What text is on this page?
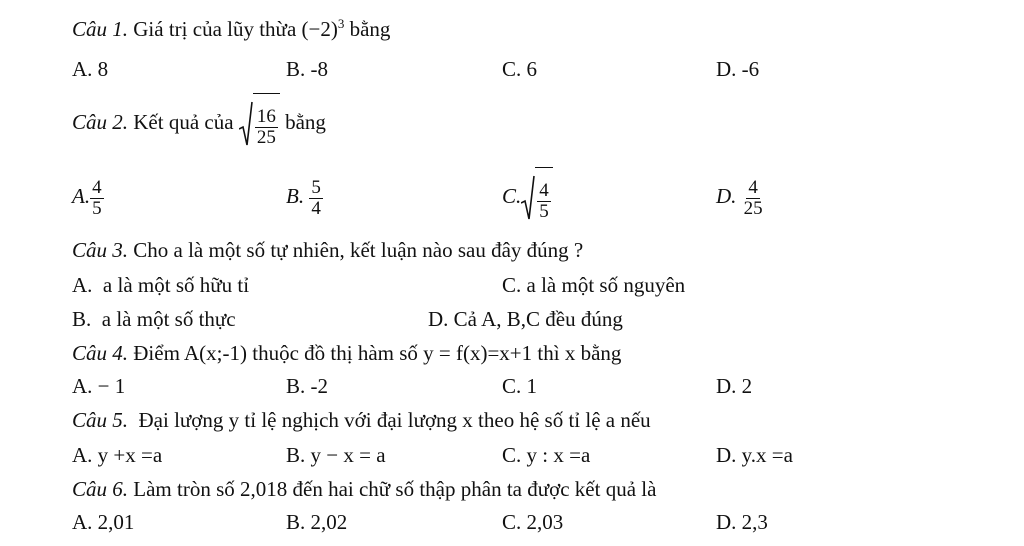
Câu 1. Giá trị của lũy thừa $(-2)^3$ bằng
A. 8	B. -8	C. 6	D. -6
Câu 2. Kết quả của $\frac{16}{25}$ bằng
A. $\frac{4}{5}$	B. $\frac{5}{4}$	C. $\frac{4}{5}$	D. $\frac{4}{25}$
Câu 3. Cho a là một số tự nhiên, kết luận nào sau đây đúng ?
A.  a là một số hữu tỉ	C. a là một số nguyên
B.  a là một số thực	D. Cả A, B,C đều đúng
Câu 4. Điểm A(x;-1) thuộc đồ thị hàm số y = f(x)=x+1 thì x bằng
A. − 1	B. -2	C. 1	D. 2
Câu 5.  Đại lượng y tỉ lệ nghịch với đại lượng x theo hệ số tỉ lệ a nếu
A. y +x =a	B. y − x = a	C. y : x =a	D. y.x =a
Câu 6. Làm tròn số 2,018 đến hai chữ số thập phân ta được kết quả là
A. 2,01	B. 2,02	C. 2,03	D. 2,3
